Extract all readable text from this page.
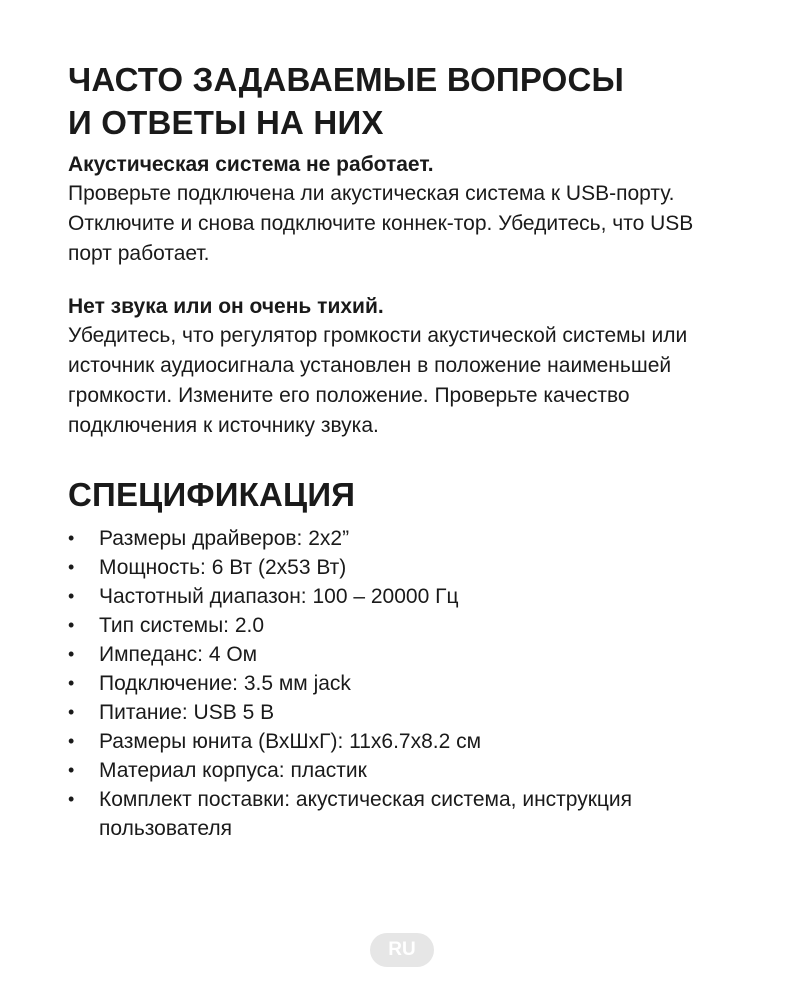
ЧАСТО ЗАДАВАЕМЫЕ ВОПРОСЫ
И ОТВЕТЫ НА НИХ

Акустическая система не работает.

Проверьте подключена ли акустическая система к USB-порту. Отключите и снова подключите коннек-тор. Убедитесь, что USB порт работает.

Нет звука или он очень тихий.

Убедитесь, что регулятор громкости акустической системы или источник аудиосигнала установлен в положение наименьшей громкости. Измените его положение. Проверьте качество подключения к источнику звука.

СПЕЦИФИКАЦИЯ
• Размеры драйверов: 2x2”
• Мощность: 6 Вт (2x53 Вт)
• Частотный диапазон: 100 – 20000 Гц
• Тип системы: 2.0
• Импеданс: 4 Ом
• Подключение: 3.5 мм jack
• Питание: USB 5 В
• Размеры юнита (ВхШхГ): 11x6.7x8.2 см
• Материал корпуса: пластик
• Комплект поставки: акустическая система, инструкция пользователя
RU
